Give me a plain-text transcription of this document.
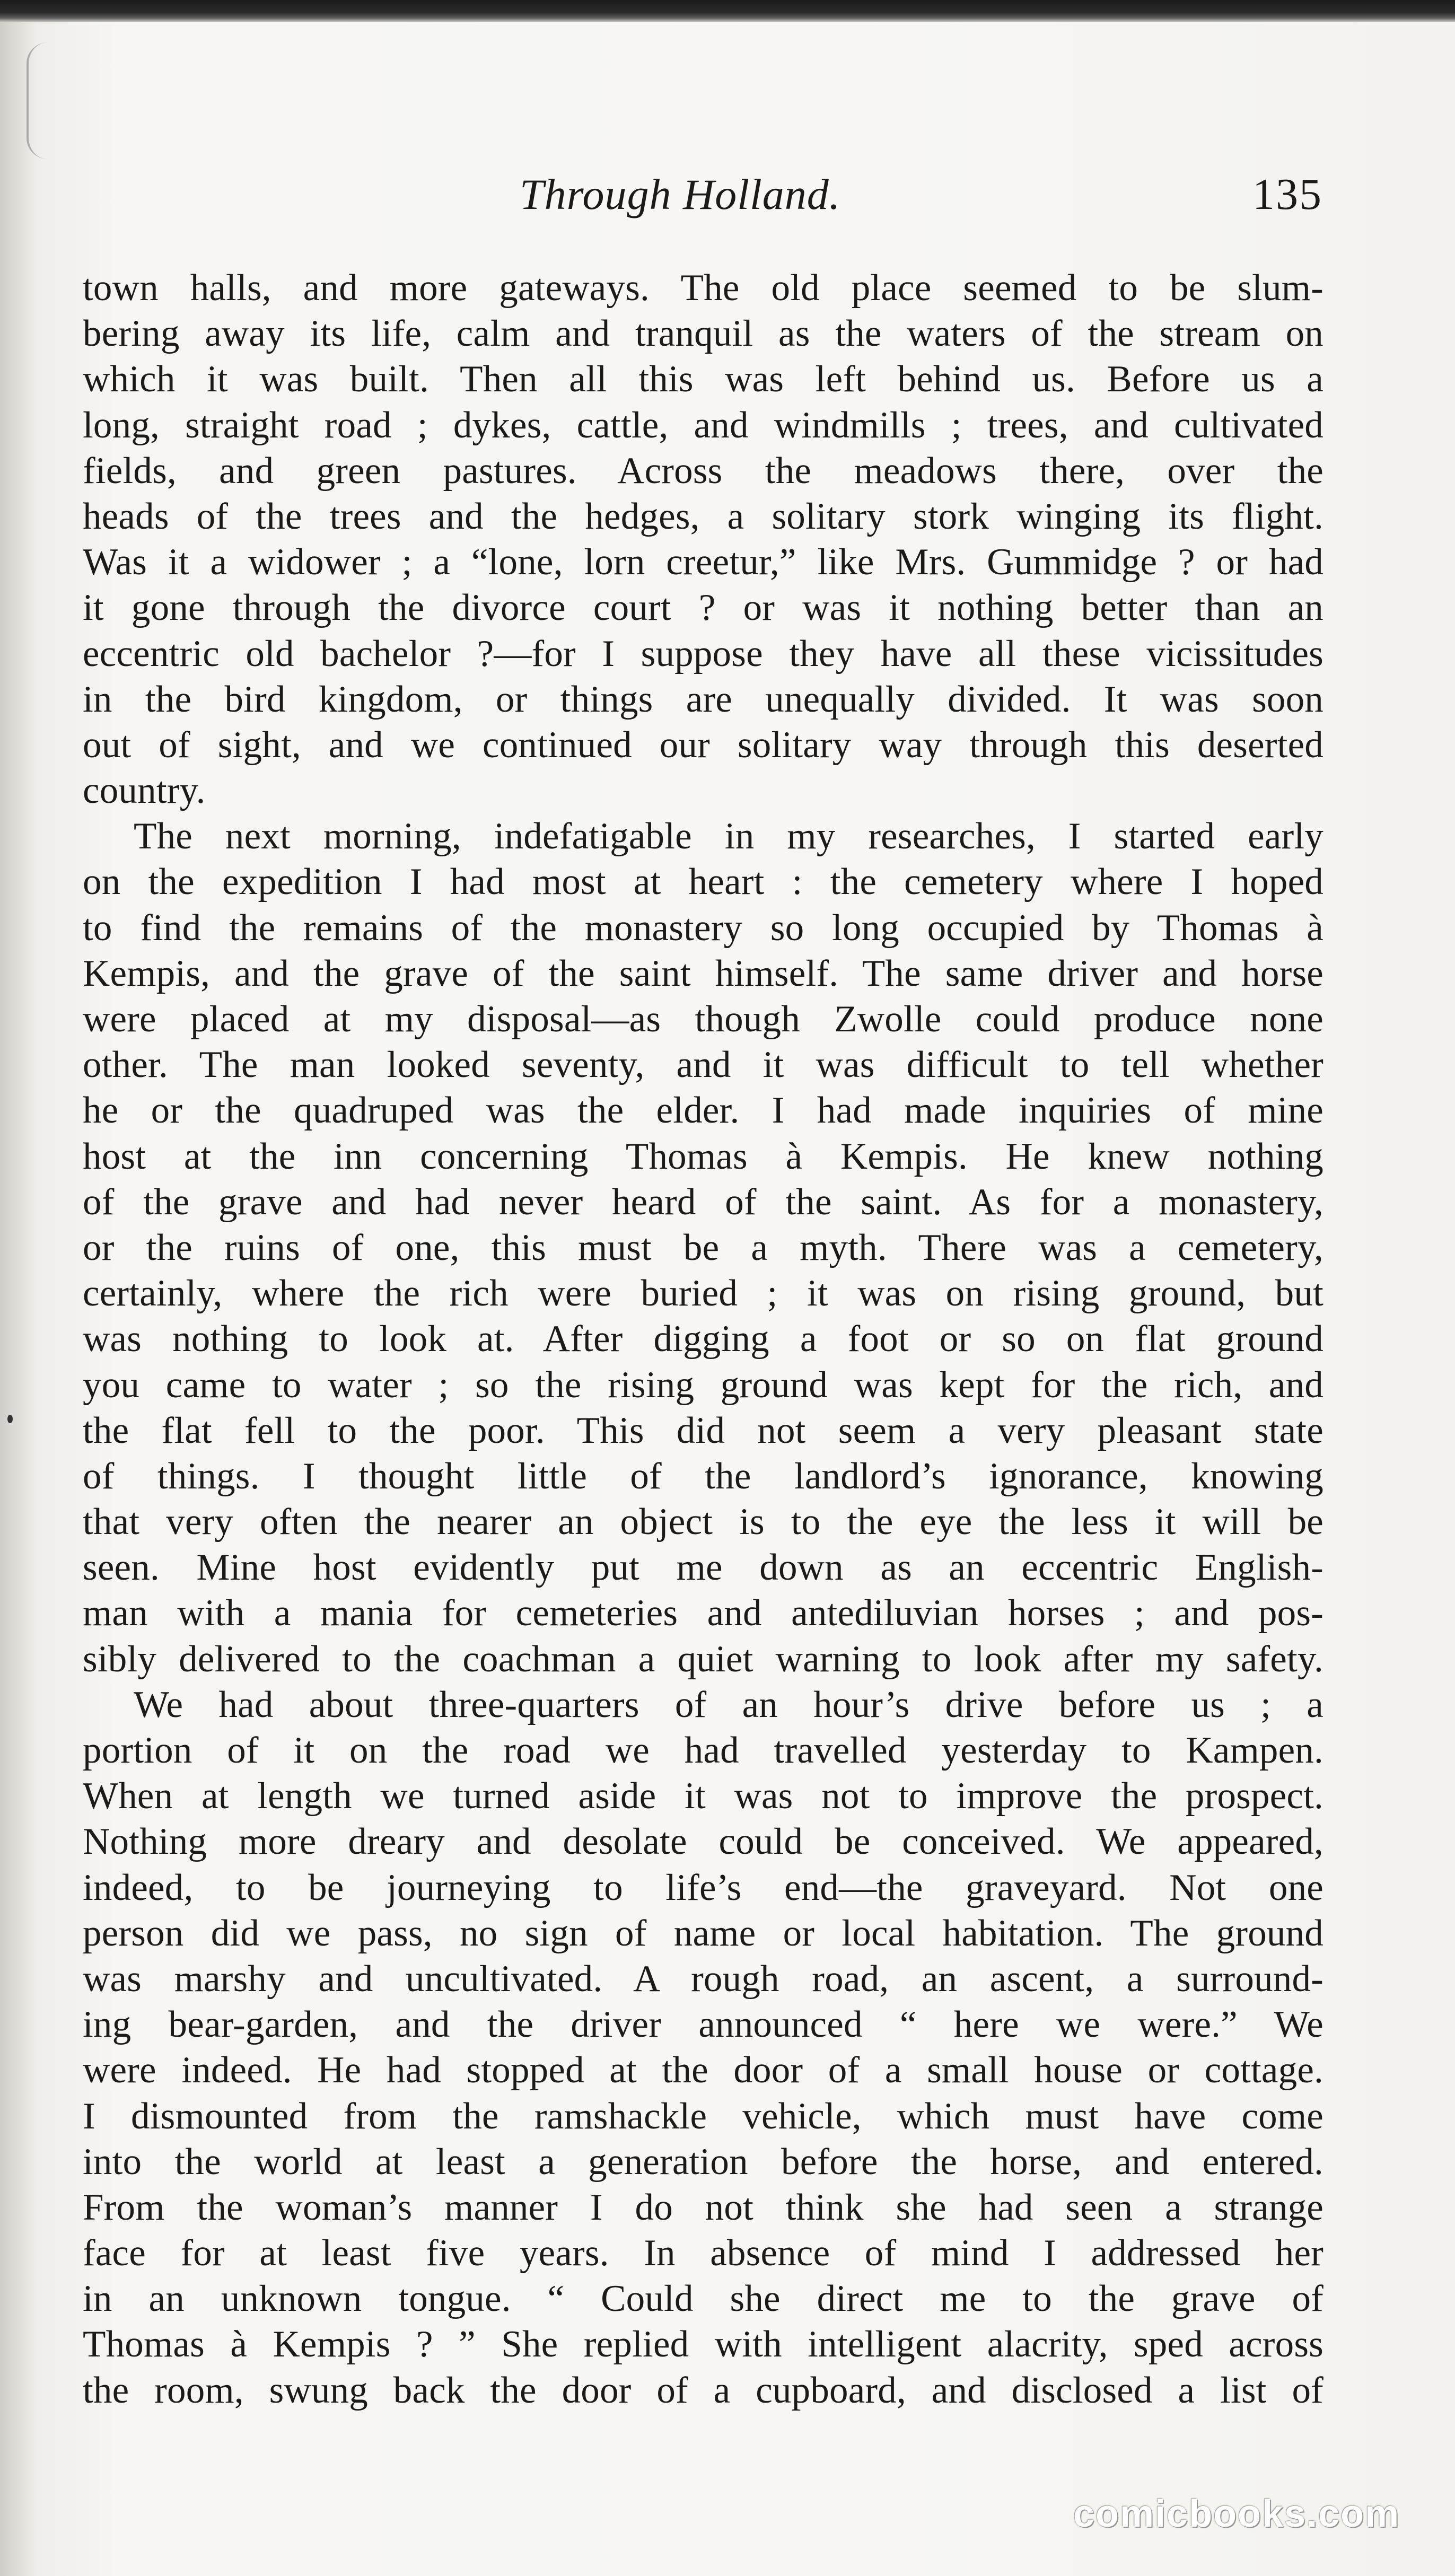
Through Holland.	135
town halls, and more gateways. The old place seemed to be slum-
bering away its life, calm and tranquil as the waters of the stream on
which it was built. Then all this was left behind us. Before us a
long, straight road ; dykes, cattle, and windmills ; trees, and cultivated
fields, and green pastures. Across the meadows there, over the
heads of the trees and the hedges, a solitary stork winging its flight.
Was it a widower ; a “lone, lorn creetur,” like Mrs. Gummidge ? or had
it gone through the divorce court ? or was it nothing better than an
eccentric old bachelor ?—for I suppose they have all these vicissitudes
in the bird kingdom, or things are unequally divided. It was soon
out of sight, and we continued our solitary way through this deserted
country.
The next morning, indefatigable in my researches, I started early
on the expedition I had most at heart : the cemetery where I hoped
to find the remains of the monastery so long occupied by Thomas à
Kempis, and the grave of the saint himself. The same driver and horse
were placed at my disposal—as though Zwolle could produce none
other. The man looked seventy, and it was difficult to tell whether
he or the quadruped was the elder. I had made inquiries of mine
host at the inn concerning Thomas à Kempis. He knew nothing
of the grave and had never heard of the saint. As for a monastery,
or the ruins of one, this must be a myth. There was a cemetery,
certainly, where the rich were buried ; it was on rising ground, but
was nothing to look at. After digging a foot or so on flat ground
you came to water ; so the rising ground was kept for the rich, and
the flat fell to the poor. This did not seem a very pleasant state
of things. I thought little of the landlord’s ignorance, knowing
that very often the nearer an object is to the eye the less it will be
seen. Mine host evidently put me down as an eccentric English-
man with a mania for cemeteries and antediluvian horses ; and pos-
sibly delivered to the coachman a quiet warning to look after my safety.
We had about three-quarters of an hour’s drive before us ; a
portion of it on the road we had travelled yesterday to Kampen.
When at length we turned aside it was not to improve the prospect.
Nothing more dreary and desolate could be conceived. We appeared,
indeed, to be journeying to life’s end—the graveyard. Not one
person did we pass, no sign of name or local habitation. The ground
was marshy and uncultivated. A rough road, an ascent, a surround-
ing bear-garden, and the driver announced “ here we were.” We
were indeed. He had stopped at the door of a small house or cottage.
I dismounted from the ramshackle vehicle, which must have come
into the world at least a generation before the horse, and entered.
From the woman’s manner I do not think she had seen a strange
face for at least five years. In absence of mind I addressed her
in an unknown tongue. “ Could she direct me to the grave of
Thomas à Kempis ? ” She replied with intelligent alacrity, sped across
the room, swung back the door of a cupboard, and disclosed a list of
comicbooks.com
